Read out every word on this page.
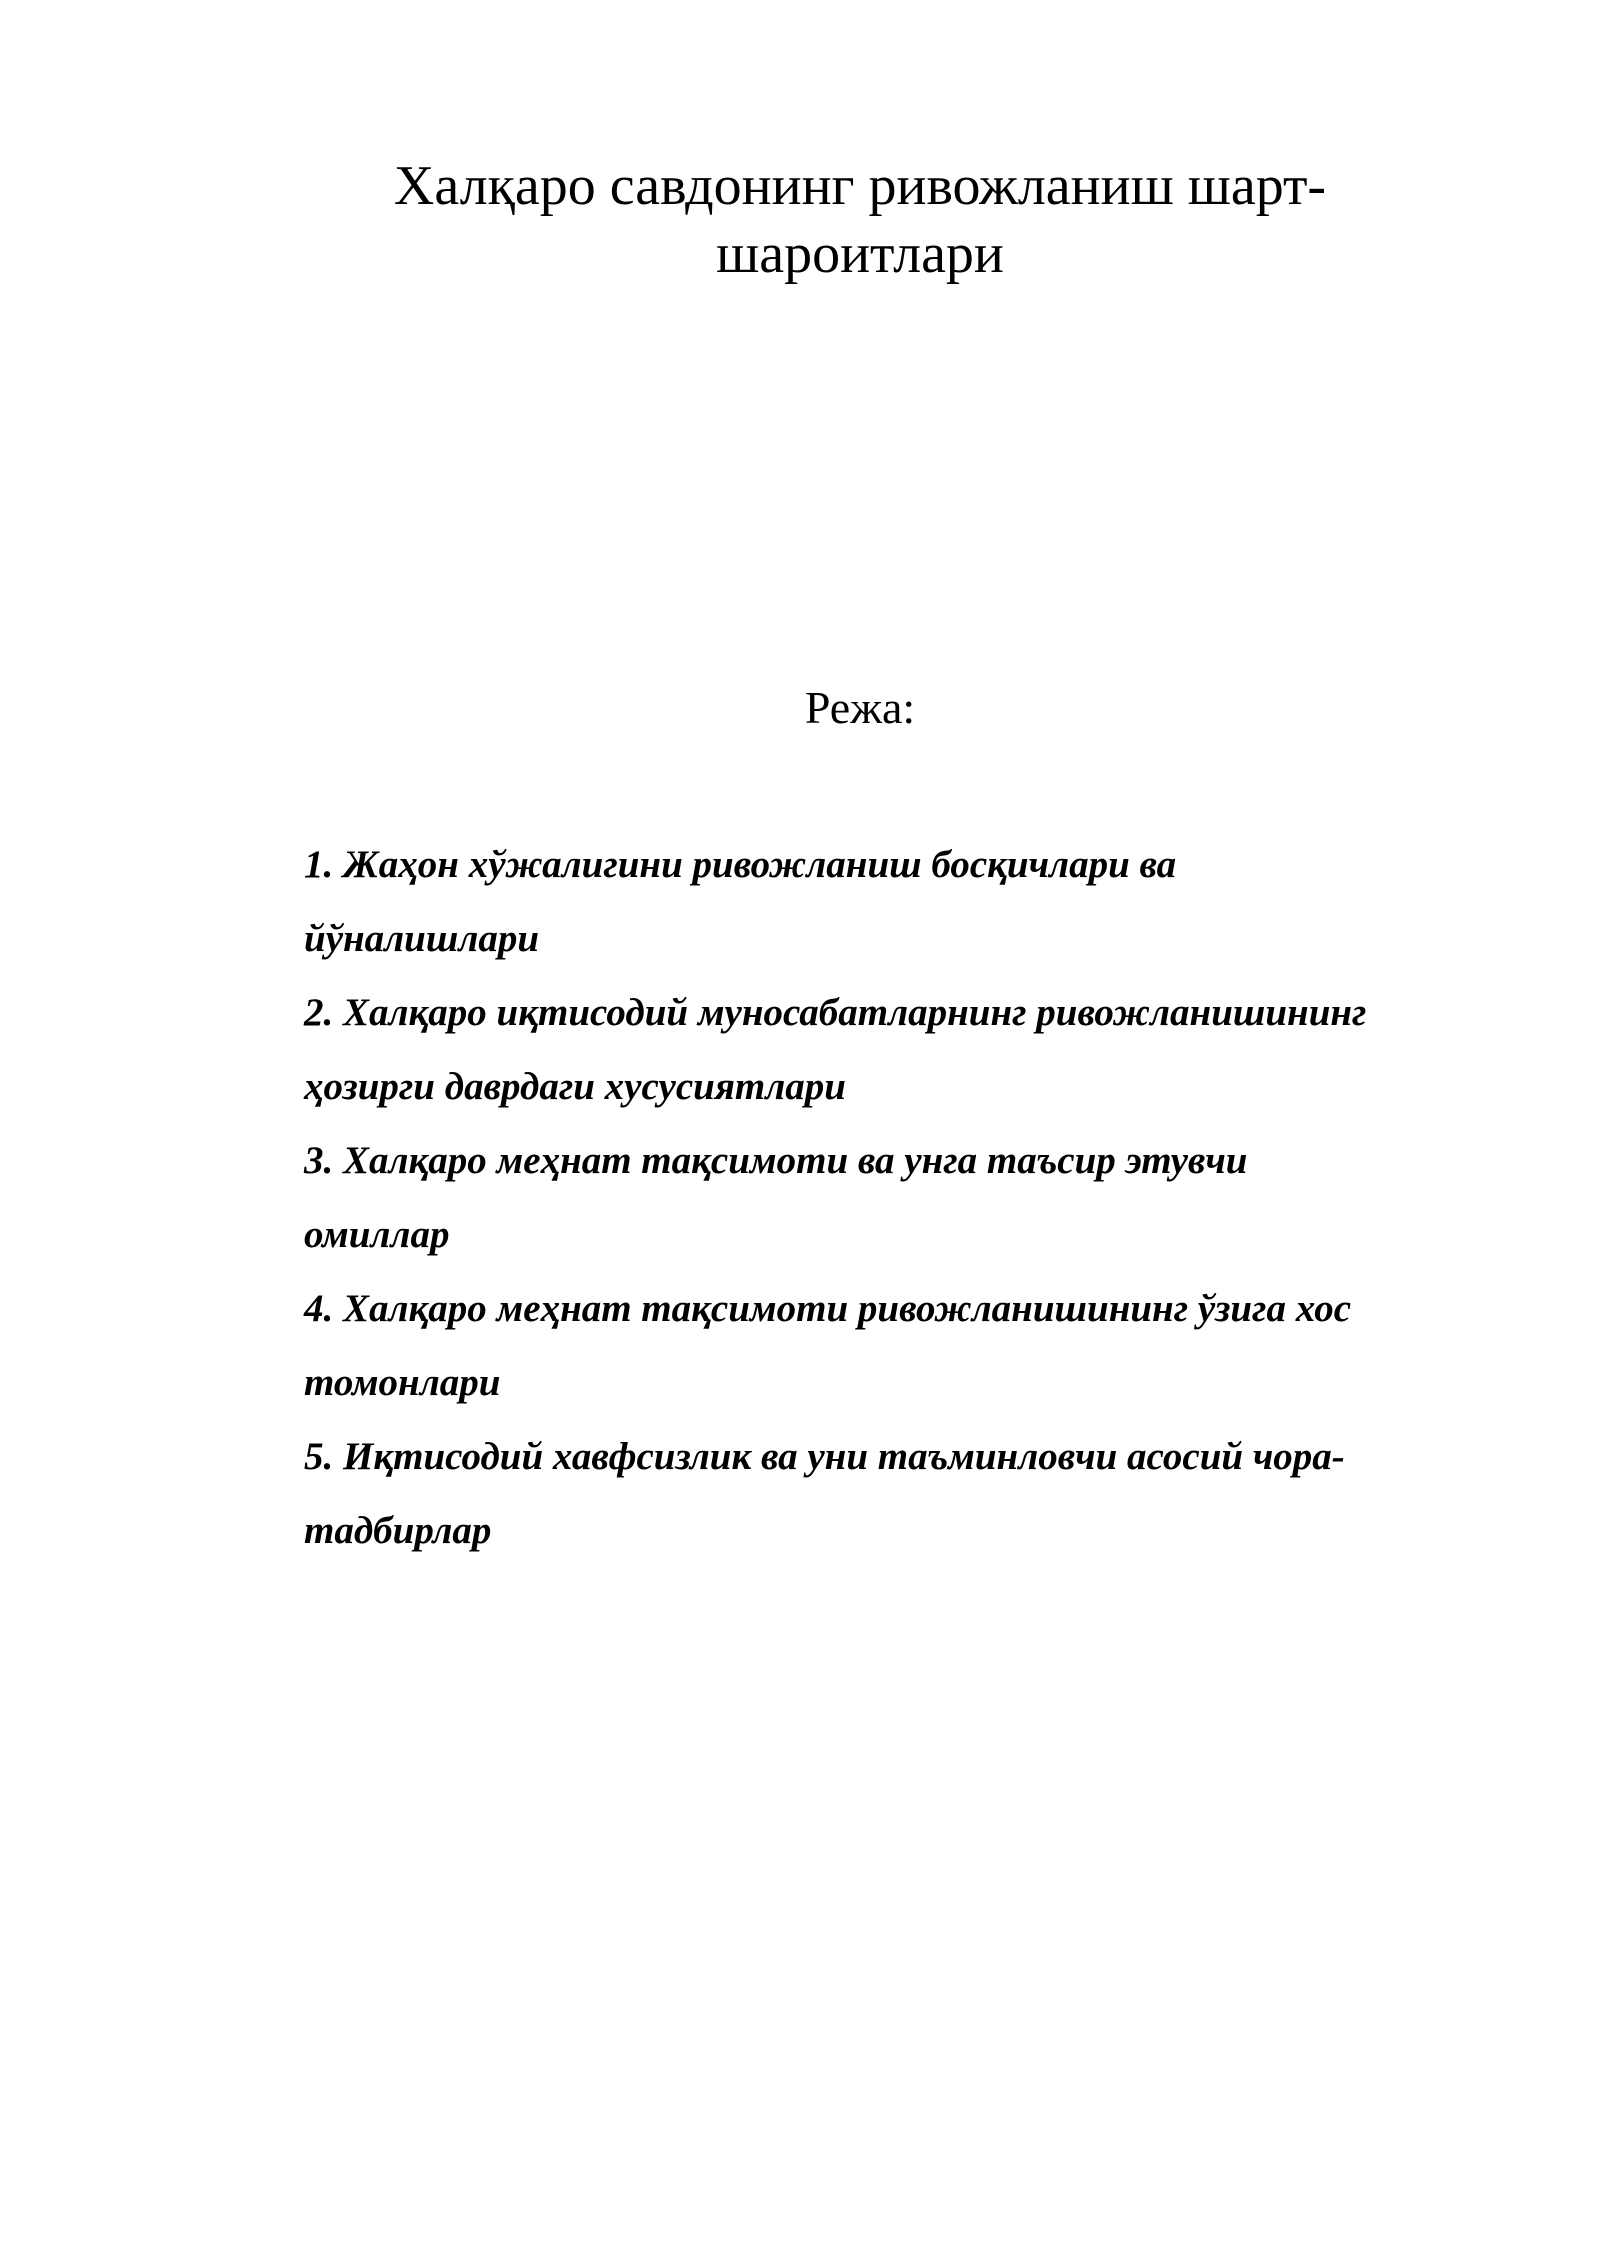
Халқаро савдонинг ривожланиш шарт-
шароитлари
Режа:
1. Жаҳон хўжалигини ривожланиш босқичлари ва
йўналишлари
2. Халқаро иқтисодий муносабатларнинг ривожланишининг
ҳозирги даврдаги хусусиятлари
3. Халқаро меҳнат тақсимоти ва унга таъсир этувчи
омиллар
4. Халқаро меҳнат тақсимоти ривожланишининг ўзига хос
томонлари
5. Иқтисодий хавфсизлик ва уни таъминловчи асосий чора-
тадбирлар
